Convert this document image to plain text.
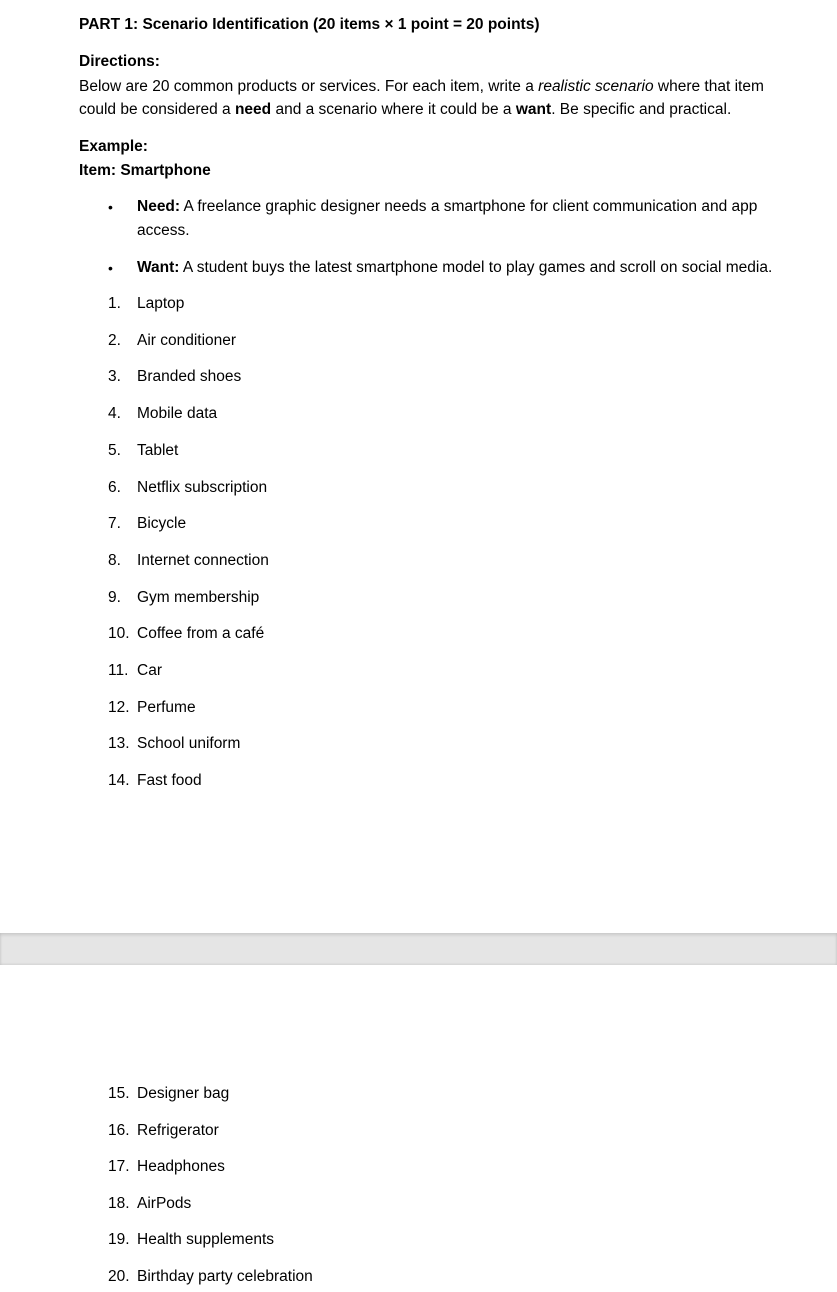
PART 1: Scenario Identification (20 items × 1 point = 20 points)
Directions:
Below are 20 common products or services. For each item, write a realistic scenario where that item
could be considered a need and a scenario where it could be a want. Be specific and practical.
Example:
Item: Smartphone
• Need: A freelance graphic designer needs a smartphone for client communication and app
access.
• Want: A student buys the latest smartphone model to play games and scroll on social media.
1. Laptop
2. Air conditioner
3. Branded shoes
4. Mobile data
5. Tablet
6. Netflix subscription
7. Bicycle
8. Internet connection
9. Gym membership
10. Coffee from a café
11. Car
12. Perfume
13. School uniform
14. Fast food
15. Designer bag
16. Refrigerator
17. Headphones
18. AirPods
19. Health supplements
20. Birthday party celebration
